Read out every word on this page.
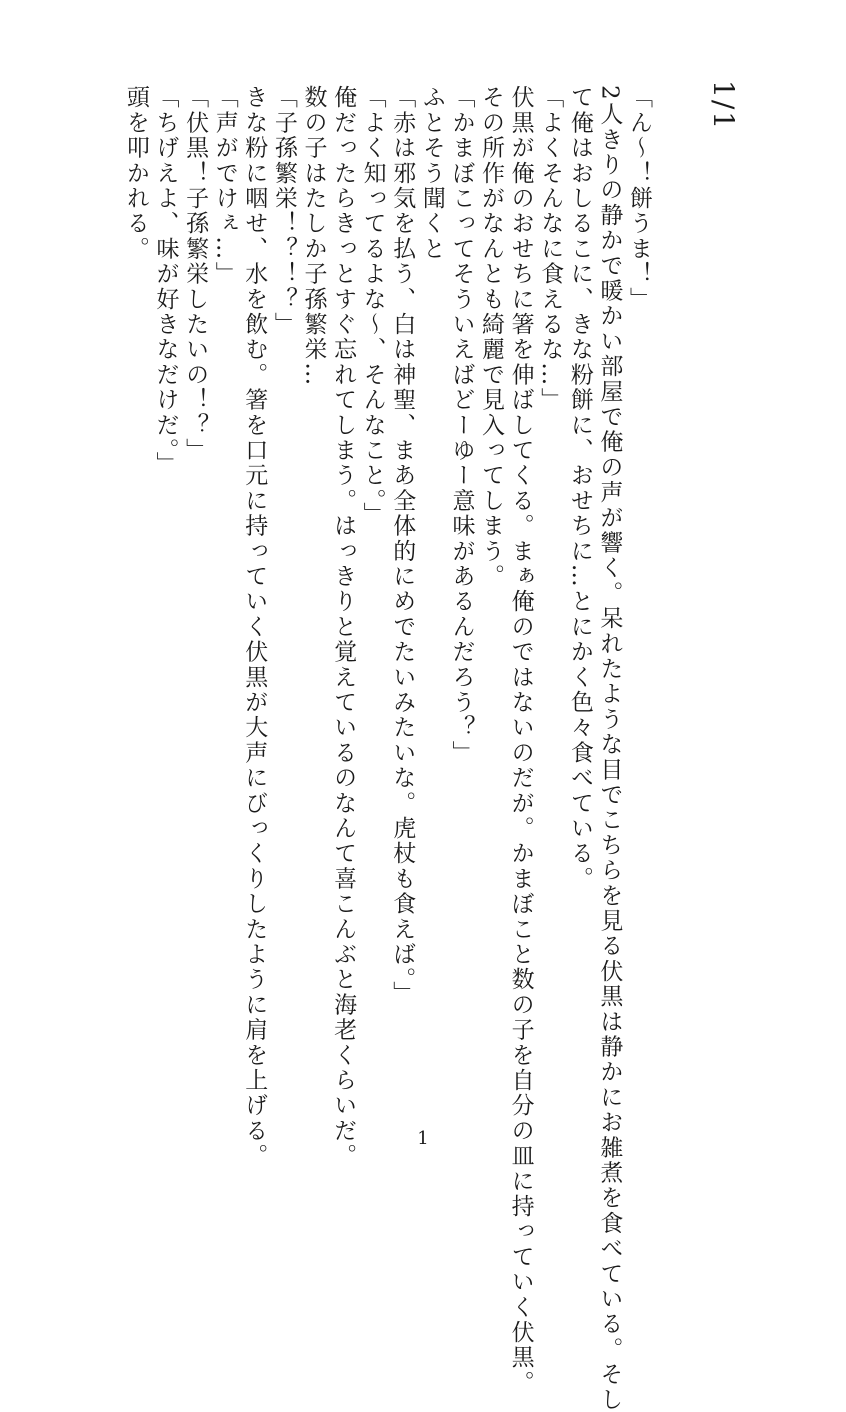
1/1
「ん〜！餅うま！」
2人きりの静かで暖かい部屋で俺の声が響く。呆れたような目でこちらを見る伏黒は静かにお雑煮を食べている。そし
て俺はおしるこに、きな粉餅に、おせちに…とにかく色々食べている。
「よくそんなに食えるな…」
伏黒が俺のおせちに箸を伸ばしてくる。まぁ俺のではないのだが。かまぼこと数の子を自分の皿に持っていく伏黒。
その所作がなんとも綺麗で見入ってしまう。
「かまぼこってそういえばどーゆー意味があるんだろう？」
ふとそう聞くと
「赤は邪気を払う、白は神聖、まあ全体的にめでたいみたいな。虎杖も食えば。」
「よく知ってるよな〜、そんなこと。」
俺だったらきっとすぐ忘れてしまう。はっきりと覚えているのなんて喜こんぶと海老くらいだ。
数の子はたしか子孫繁栄…
「子孫繁栄！？！？」
きな粉に咽せ、水を飲む。箸を口元に持っていく伏黒が大声にびっくりしたように肩を上げる。
「声がでけぇ…」
「伏黒！子孫繁栄したいの！？」
「ちげえよ、味が好きなだけだ。」
頭を叩かれる。
1
